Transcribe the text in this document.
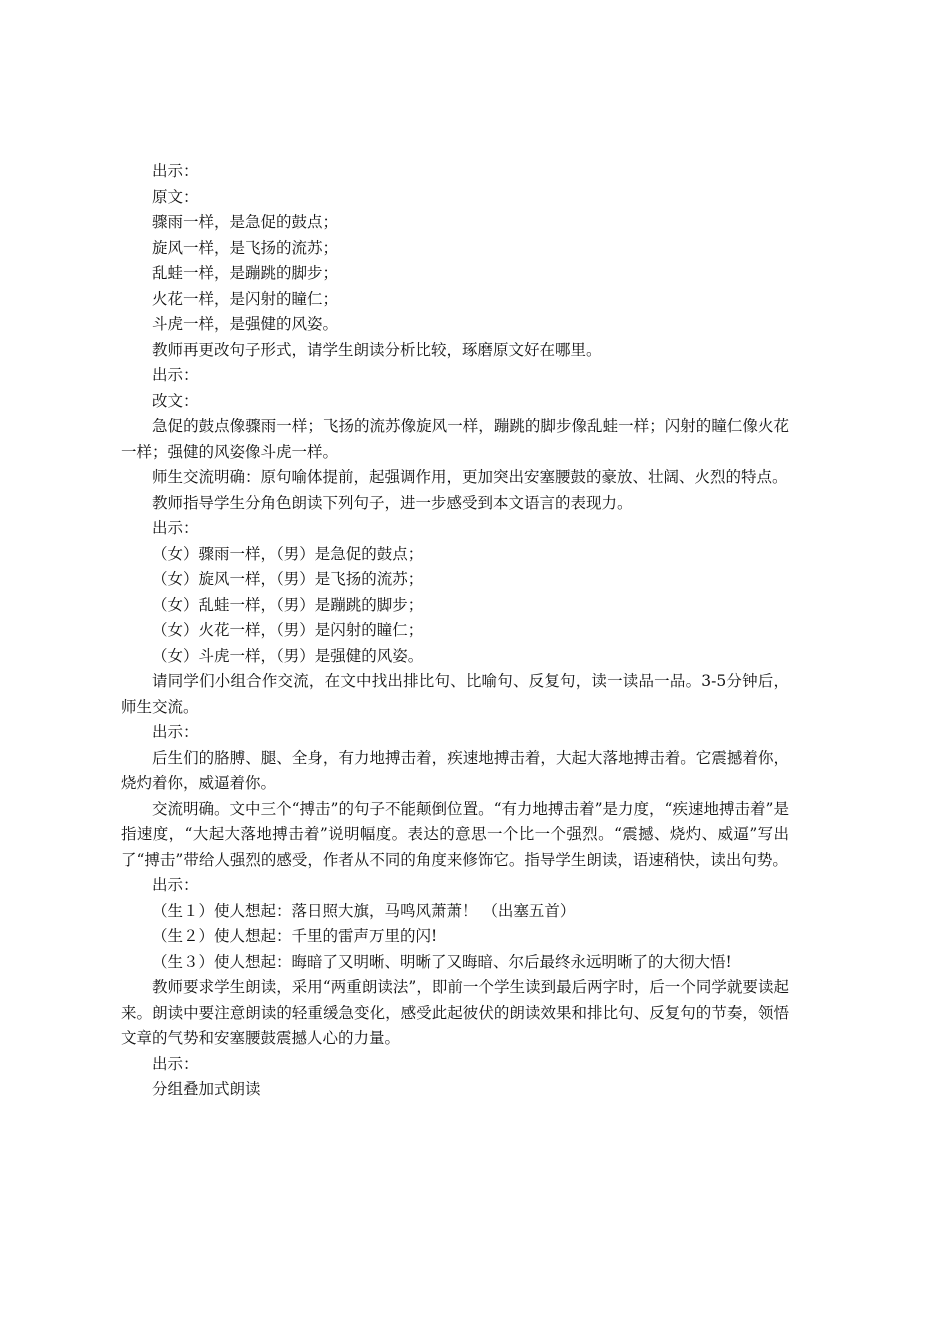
出示：

原文：

骤雨一样，是急促的鼓点；

旋风一样，是飞扬的流苏；

乱蛙一样，是蹦跳的脚步；

火花一样，是闪射的瞳仁；

斗虎一样，是强健的风姿。

教师再更改句子形式，请学生朗读分析比较，琢磨原文好在哪里。

出示：

改文：

急促的鼓点像骤雨一样；飞扬的流苏像旋风一样，蹦跳的脚步像乱蛙一样；闪射的瞳仁像火花一样；强健的风姿像斗虎一样。

师生交流明确：原句喻体提前，起强调作用，更加突出安塞腰鼓的豪放、壮阔、火烈的特点。

教师指导学生分角色朗读下列句子，进一步感受到本文语言的表现力。

出示：

（女）骤雨一样，（男）是急促的鼓点；

（女）旋风一样，（男）是飞扬的流苏；

（女）乱蛙一样，（男）是蹦跳的脚步；

（女）火花一样，（男）是闪射的瞳仁；

（女）斗虎一样，（男）是强健的风姿。

请同学们小组合作交流，在文中找出排比句、比喻句、反复句，读一读品一品。3-5分钟后，师生交流。

出示：

后生们的胳膊、腿、全身，有力地搏击着，疾速地搏击着，大起大落地搏击着。它震撼着你，烧灼着你，威逼着你。

交流明确。文中三个“搏击”的句子不能颠倒位置。“有力地搏击着”是力度，“疾速地搏击着”是指速度，“大起大落地搏击着”说明幅度。表达的意思一个比一个强烈。“震撼、烧灼、威逼”写出了“搏击”带给人强烈的感受，作者从不同的角度来修饰它。指导学生朗读，语速稍快，读出句势。

出示：

（生１）使人想起：落日照大旗，马鸣风萧萧！ （出塞五首）

（生２）使人想起：千里的雷声万里的闪!

（生３）使人想起：晦暗了又明晰、明晰了又晦暗、尔后最终永远明晰了的大彻大悟!

教师要求学生朗读，采用“两重朗读法”，即前一个学生读到最后两字时，后一个同学就要读起来。朗读中要注意朗读的轻重缓急变化，感受此起彼伏的朗读效果和排比句、反复句的节奏，领悟文章的气势和安塞腰鼓震撼人心的力量。

出示：

分组叠加式朗读
